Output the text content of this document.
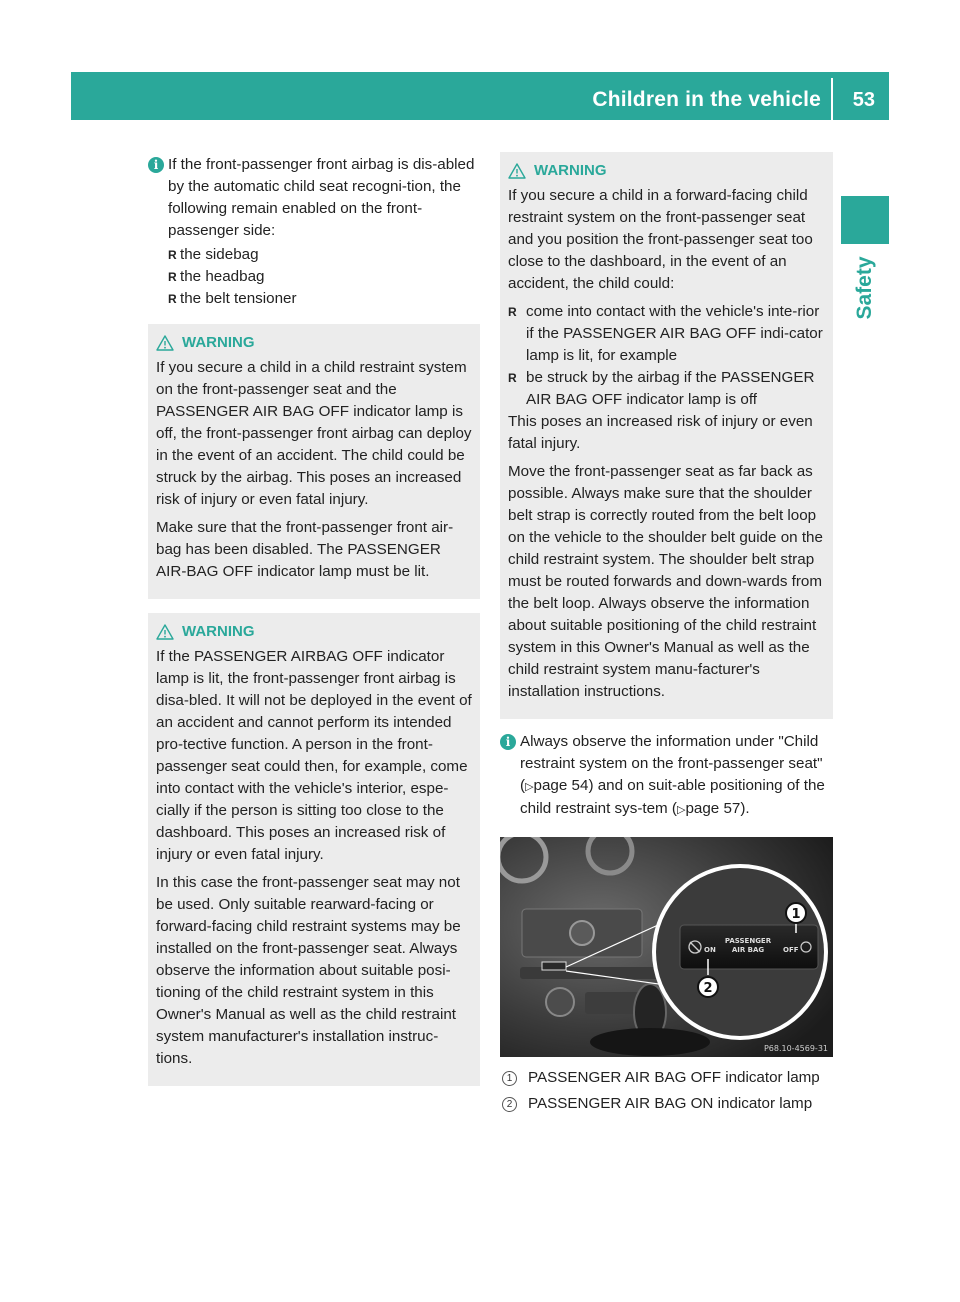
Children in the vehicle 53
Safety
i If the front-passenger front airbag is dis-abled by the automatic child seat recogni-tion, the following remain enabled on the front-passenger side:

R the sidebag
R the headbag
R the belt tensioner
WARNING

If you secure a child in a child restraint system on the front-passenger seat and the PASSENGER AIR BAG OFF indicator lamp is off, the front-passenger front airbag can deploy in the event of an accident. The child could be struck by the airbag. This poses an increased risk of injury or even fatal injury.

Make sure that the front-passenger front air-bag has been disabled. The PASSENGER AIR-BAG OFF indicator lamp must be lit.

WARNING

If the PASSENGER AIRBAG OFF indicator lamp is lit, the front-passenger front airbag is disa-bled. It will not be deployed in the event of an accident and cannot perform its intended pro-tective function. A person in the front-passenger seat could then, for example, come into contact with the vehicle's interior, espe-cially if the person is sitting too close to the dashboard. This poses an increased risk of injury or even fatal injury.

In this case the front-passenger seat may not be used. Only suitable rearward-facing or forward-facing child restraint systems may be installed on the front-passenger seat. Always observe the information about suitable posi-tioning of the child restraint system in this Owner's Manual as well as the child restraint system manufacturer's installation instruc-tions.

WARNING

If you secure a child in a forward-facing child restraint system on the front-passenger seat and you position the front-passenger seat too close to the dashboard, in the event of an accident, the child could:

R come into contact with the vehicle's inte-rior if the PASSENGER AIR BAG OFF indi-cator lamp is lit, for example
R be struck by the airbag if the PASSENGER AIR BAG OFF indicator lamp is off

This poses an increased risk of injury or even fatal injury.

Move the front-passenger seat as far back as possible. Always make sure that the shoulder belt strap is correctly routed from the belt loop on the vehicle to the shoulder belt guide on the child restraint system. The shoulder belt strap must be routed forwards and down-wards from the belt loop. Always observe the information about suitable positioning of the child restraint system in this Owner's Manual as well as the child restraint system manu-facturer's installation instructions.

i Always observe the information under "Child restraint system on the front-passenger seat" (▷page 54) and on suit-able positioning of the child restraint sys-tem (▷page 57).

ON
PASSENGER
AIR BAG	OFF
1
2
P68.10-4569-31
1	PASSENGER AIR BAG OFF indicator lamp

2	PASSENGER AIR BAG ON indicator lamp
